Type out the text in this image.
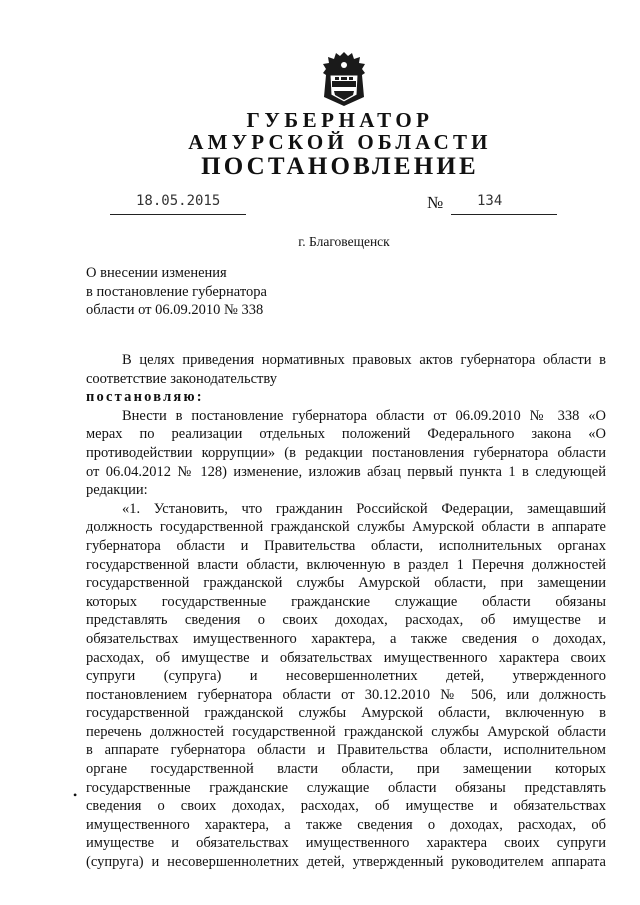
ГУБЕРНАТОР

АМУРСКОЙ ОБЛАСТИ

ПОСТАНОВЛЕНИЕ

18.05.2015	№ 134
г. Благовещенск
О внесении изменения
в постановление губернатора
области от 06.09.2010 № 338
В целях приведения нормативных правовых актов губернатора области в
соответствие законодательству
постановляю:
Внести в постановление губернатора области от 06.09.2010 № 338 «О
мерах по реализации отдельных положений Федерального закона «О
противодействии коррупции» (в редакции постановления губернатора области
от 06.04.2012 № 128) изменение, изложив абзац первый пункта 1 в следующей
редакции:
«1. Установить, что гражданин Российской Федерации, замещавший
должность государственной гражданской службы Амурской области в аппарате
губернатора области и Правительства области, исполнительных органах
государственной власти области, включенную в раздел 1 Перечня должностей
государственной гражданской службы Амурской области, при замещении
которых государственные гражданские служащие области обязаны
представлять сведения о своих доходах, расходах, об имуществе и
обязательствах имущественного характера, а также сведения о доходах,
расходах, об имуществе и обязательствах имущественного характера своих
супруги (супруга) и несовершеннолетних детей, утвержденного
постановлением губернатора области от 30.12.2010 № 506, или должность
государственной гражданской службы Амурской области, включенную в
перечень должностей государственной гражданской службы Амурской области
в аппарате губернатора области и Правительства области, исполнительном
органе государственной власти области, при замещении которых
государственные гражданские служащие области обязаны представлять
сведения о своих доходах, расходах, об имуществе и обязательствах
имущественного характера, а также сведения о доходах, расходах, об
имуществе и обязательствах имущественного характера своих супруги
(супруга) и несовершеннолетних детей, утвержденный руководителем аппарата
•
